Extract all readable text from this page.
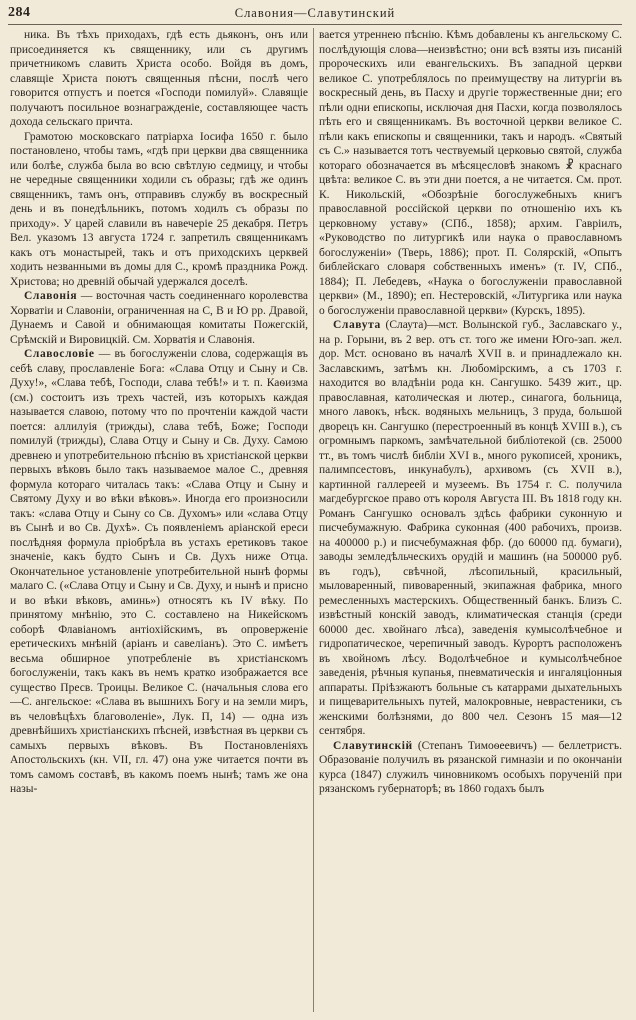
284	Славония—Славутинский

ника. Въ тѣхъ приходахъ, гдѣ есть дьяконъ, онъ или присоединяется къ священнику, или съ другимъ причетникомъ славить Христа особо. Войдя въ домъ, славящіе Христа поютъ священныя пѣсни, послѣ чего говорится отпустъ и поется «Господи помилуй». Славящіе получаютъ посильное вознагражденіе, составляющее часть дохода сельскаго причта.

Грамотою московскаго патріарха Іосифа 1650 г. было постановлено, чтобы тамъ, «гдѣ при церкви два священника или болѣе, служба была во всю свѣтлую седмицу, и чтобы не чередные священники ходили съ образы; гдѣ же одинъ священникъ, тамъ онъ, отправивъ службу въ воскресный день и въ понедѣльникъ, потомъ ходилъ съ образы по приходу». У царей славили въ навечеріе 25 декабря. Петръ Вел. указомъ 13 августа 1724 г. запретилъ священникамъ какъ отъ монастырей, такъ и отъ приходскихъ церквей ходить незванными въ домы для С., кромѣ праздника Рожд. Христова; но древній обычай удержался доселѣ.

Славонія — восточная часть соединеннаго королевства Хорватіи и Славоніи, ограниченная на С, В и Ю рр. Дравой, Дунаемъ и Савой и обнимающая комитаты Пожегскій, Срѣмскій и Вировицкій. См. Хорватія и Славонія.

Славословіе — въ богослуженіи слова, содержащія въ себѣ славу, прославленіе Бога: «Слава Отцу и Сыну и Св. Духу!», «Слава тебѣ, Господи, слава тебѣ!» и т. п. Каѳизма (см.) состоитъ изъ трехъ частей, изъ которыхъ каждая называется славою, потому что по прочтеніи каждой части поется: аллилуія (трижды), слава тебѣ, Боже; Господи помилуй (трижды), Слава Отцу и Сыну и Св. Духу. Самою древнею и употребительною пѣснію въ христіанской церкви первыхъ вѣковъ было такъ называемое малое С., древняя формула котораго читалась такъ: «Слава Отцу и Сыну и Святому Духу и во вѣки вѣковъ». Иногда его произносили такъ: «слава Отцу и Сыну со Св. Духомъ» или «слава Отцу въ Сынѣ и во Св. Духѣ». Съ появленіемъ аріанской ереси послѣдняя формула пріобрѣла въ устахъ еретиковъ такое значеніе, какъ будто Сынъ и Св. Духъ ниже Отца. Окончательное установленіе употребительной нынѣ формы малаго С. («Слава Отцу и Сыну и Св. Духу, и нынѣ и присно и во вѣки вѣковъ, аминь») относятъ къ IV вѣку. По принятому мнѣнію, это С. составлено на Никейскомъ соборѣ Флавіаномъ антіохійскимъ, въ опроверженіе еретическихъ мнѣній (аріанъ и савеліанъ). Это С. имѣетъ весьма обширное употребленіе въ христіанскомъ богослуженіи, такъ какъ въ немъ кратко изображается все существо Пресв. Троицы. Великое С. (начальныя слова его—С. ангельское: «Слава въ вышнихъ Богу и на земли миръ, въ человѣцѣхъ благоволеніе», Лук. П, 14) — одна изъ древнѣйшихъ христіанскихъ пѣсней, извѣстная въ церкви съ самыхъ первыхъ вѣковъ. Въ Постановленіяхъ Апостольскихъ (кн. VII, гл. 47) она уже читается почти въ томъ самомъ составѣ, въ какомъ поемъ нынѣ; тамъ же она назы-

вается утреннею пѣснію. Кѣмъ добавлены къ ангельскому С. послѣдующія слова—неизвѣстно; они всѣ взяты изъ писаній пророческихъ или евангельскихъ. Въ западной церкви великое С. употреблялось по преимуществу на литургіи въ воскресный день, въ Пасху и другіе торжественные дни; его пѣли одни епископы, исключая дня Пасхи, когда позволялось пѣть его и священникамъ. Въ восточной церкви великое С. пѣли какъ епископы и священники, такъ и народъ. «Святый съ С.» называется тотъ чествуемый церковью святой, служба котораго обозначается въ мѣсяцесловѣ знакомъ ☧ краснаго цвѣта: великое С. въ эти дни поется, а не читается. См. прот. К. Никольскій, «Обозрѣніе богослужебныхъ книгъ православной россійской церкви по отношенію ихъ къ церковному уставу» (СПб., 1858); архим. Гавріилъ, «Руководство по литургикѣ или наука о православномъ богослуженіи» (Тверь, 1886); прот. П. Солярскій, «Опытъ библейскаго словаря собственныхъ именъ» (т. IV, СПб., 1884); П. Лебедевъ, «Наука о богослуженіи православной церкви» (М., 1890); еп. Нестеровскій, «Литургика или наука о богослуженіи православной церкви» (Курскъ, 1895).

Славута (Слаута)—мст. Волынской губ., Заславскаго у., на р. Горыни, въ 2 вер. отъ ст. того же имени Юго-зап. жел. дор. Мст. основано въ началѣ XVII в. и принадлежало кн. Заславскимъ, затѣмъ кн. Любомірскимъ, а съ 1703 г. находится во владѣніи рода кн. Сангушко. 5439 жит., цр. православная, католическая и лютер., синагога, больница, много лавокъ, нѣск. водяныхъ мельницъ, 3 пруда, большой дворецъ кн. Сангушко (перестроенный въ концѣ XVIII в.), съ огромнымъ паркомъ, замѣчательной библіотекой (св. 25000 тт., въ томъ числѣ библіи XVI в., много рукописей, хроникъ, палимпсестовъ, инкунабулъ), архивомъ (съ XVII в.), картинной галлереей и музеемъ. Въ 1754 г. С. получила магдебургское право отъ короля Августа III. Въ 1818 году кн. Романъ Сангушко основалъ здѣсь фабрики суконную и писчебумажную. Фабрика суконная (400 рабочихъ, произв. на 400000 р.) и писчебумажная фбр. (до 60000 пд. бумаги), заводы земледѣльческихъ орудій и машинъ (на 500000 руб. въ годъ), свѣчной, лѣсопильный, красильный, мыловаренный, пивоваренный, экипажная фабрика, много ремесленныхъ мастерскихъ. Общественный банкъ. Близъ С. извѣстный конскій заводъ, климатическая станція (среди 60000 дес. хвойнаго лѣса), заведенія кумысолѣчебное и гидропатическое, черепичный заводъ. Курортъ расположенъ въ хвойномъ лѣсу. Водолѣчебное и кумысолѣчебное заведенія, рѣчныя купанья, пневматическія и ингаляціонныя аппараты. Пріѣзжаютъ больные съ катаррами дыхательныхъ и пищеварительныхъ путей, малокровные, неврастеники, съ женскими болѣзнями, до 800 чел. Сезонъ 15 мая—12 сентября.

Славутинскій (Степанъ Тимоѳеевичъ) — беллетристъ. Образованіе получилъ въ рязанской гимназіи и по окончаніи курса (1847) служилъ чиновникомъ особыхъ порученій при рязанскомъ губернаторѣ; въ 1860 годахъ былъ
